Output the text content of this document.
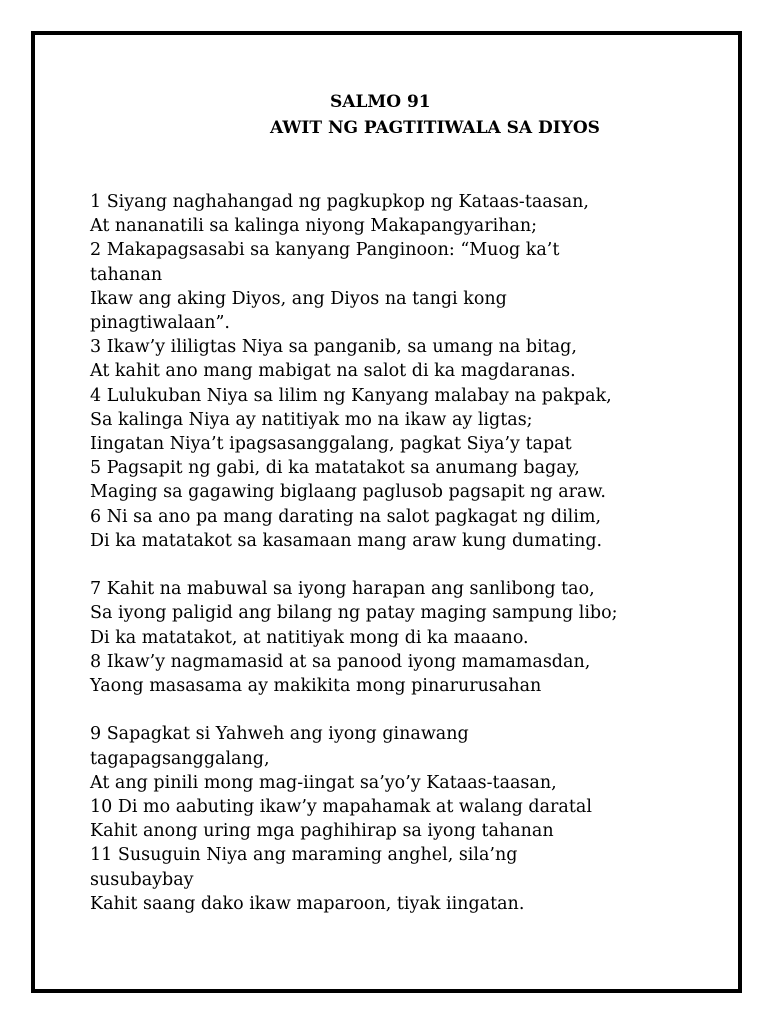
SALMO 91
AWIT NG PAGTITIWALA SA DIYOS
1 Siyang naghahangad ng pagkupkop ng Kataas-taasan,
At nananatili sa kalinga niyong Makapangyarihan;
2 Makapagsasabi sa kanyang Panginoon: “Muog ka’t
tahanan
Ikaw ang aking Diyos, ang Diyos na tangi kong
pinagtiwalaan”.
3 Ikaw’y ililigtas Niya sa panganib, sa umang na bitag,
At kahit ano mang mabigat na salot di ka magdaranas.
4 Lulukuban Niya sa lilim ng Kanyang malabay na pakpak,
Sa kalinga Niya ay natitiyak mo na ikaw ay ligtas;
Iingatan Niya’t ipagsasanggalang, pagkat Siya’y tapat
5 Pagsapit ng gabi, di ka matatakot sa anumang bagay,
Maging sa gagawing biglaang paglusob pagsapit ng araw.
6 Ni sa ano pa mang darating na salot pagkagat ng dilim,
Di ka matatakot sa kasamaan mang araw kung dumating.
7 Kahit na mabuwal sa iyong harapan ang sanlibong tao,
Sa iyong paligid ang bilang ng patay maging sampung libo;
Di ka matatakot, at natitiyak mong di ka maaano.
8 Ikaw’y nagmamasid at sa panood iyong mamamasdan,
Yaong masasama ay makikita mong pinarurusahan
9 Sapagkat si Yahweh ang iyong ginawang
tagapagsanggalang,
At ang pinili mong mag-iingat sa’yo’y Kataas-taasan,
10 Di mo aabuting ikaw’y mapahamak at walang daratal
Kahit anong uring mga paghihirap sa iyong tahanan
11 Susuguin Niya ang maraming anghel, sila’ng
susubaybay
Kahit saang dako ikaw maparoon, tiyak iingatan.
